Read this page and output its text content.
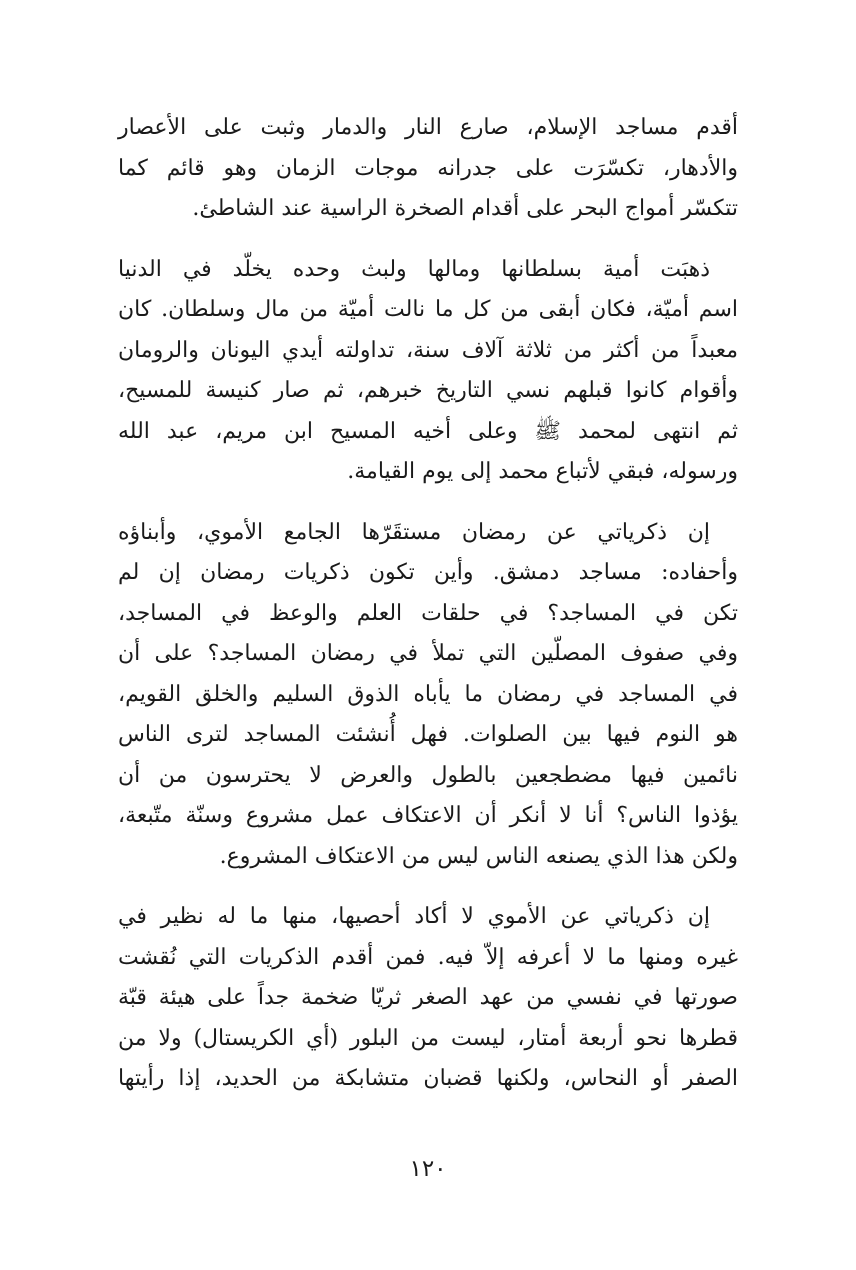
أقدم مساجد الإسلام، صارع النار والدمار وثبت على الأعصار
والأدهار، تكسّرَت على جدرانه موجات الزمان وهو قائم كما
تتكسّر أمواج البحر على أقدام الصخرة الراسية عند الشاطئ.

ذهبَت أمية بسلطانها ومالها ولبث وحده يخلّد في الدنيا
اسم أميّة، فكان أبقى من كل ما نالت أميّة من مال وسلطان. كان
معبداً من أكثر من ثلاثة آلاف سنة، تداولته أيدي اليونان والرومان
وأقوام كانوا قبلهم نسي التاريخ خبرهم، ثم صار كنيسة للمسيح،
ثم انتهى لمحمد ﷺ وعلى أخيه المسيح ابن مريم، عبد الله
ورسوله، فبقي لأتباع محمد إلى يوم القيامة.

إن ذكرياتي عن رمضان مستقَرّها الجامع الأموي، وأبناؤه
وأحفاده: مساجد دمشق. وأين تكون ذكريات رمضان إن لم
تكن في المساجد؟ في حلقات العلم والوعظ في المساجد،
وفي صفوف المصلّين التي تملأ في رمضان المساجد؟ على أن
في المساجد في رمضان ما يأباه الذوق السليم والخلق القويم،
هو النوم فيها بين الصلوات. فهل أُنشئت المساجد لترى الناس
نائمين فيها مضطجعين بالطول والعرض لا يحترسون من أن
يؤذوا الناس؟ أنا لا أنكر أن الاعتكاف عمل مشروع وسنّة متّبعة،
ولكن هذا الذي يصنعه الناس ليس من الاعتكاف المشروع.

إن ذكرياتي عن الأموي لا أكاد أحصيها، منها ما له نظير في
غيره ومنها ما لا أعرفه إلاّ فيه. فمن أقدم الذكريات التي نُقشت
صورتها في نفسي من عهد الصغر ثريّا ضخمة جداً على هيئة قبّة
قطرها نحو أربعة أمتار، ليست من البلور (أي الكريستال) ولا من
الصفر أو النحاس، ولكنها قضبان متشابكة من الحديد، إذا رأيتها

١٢٠
